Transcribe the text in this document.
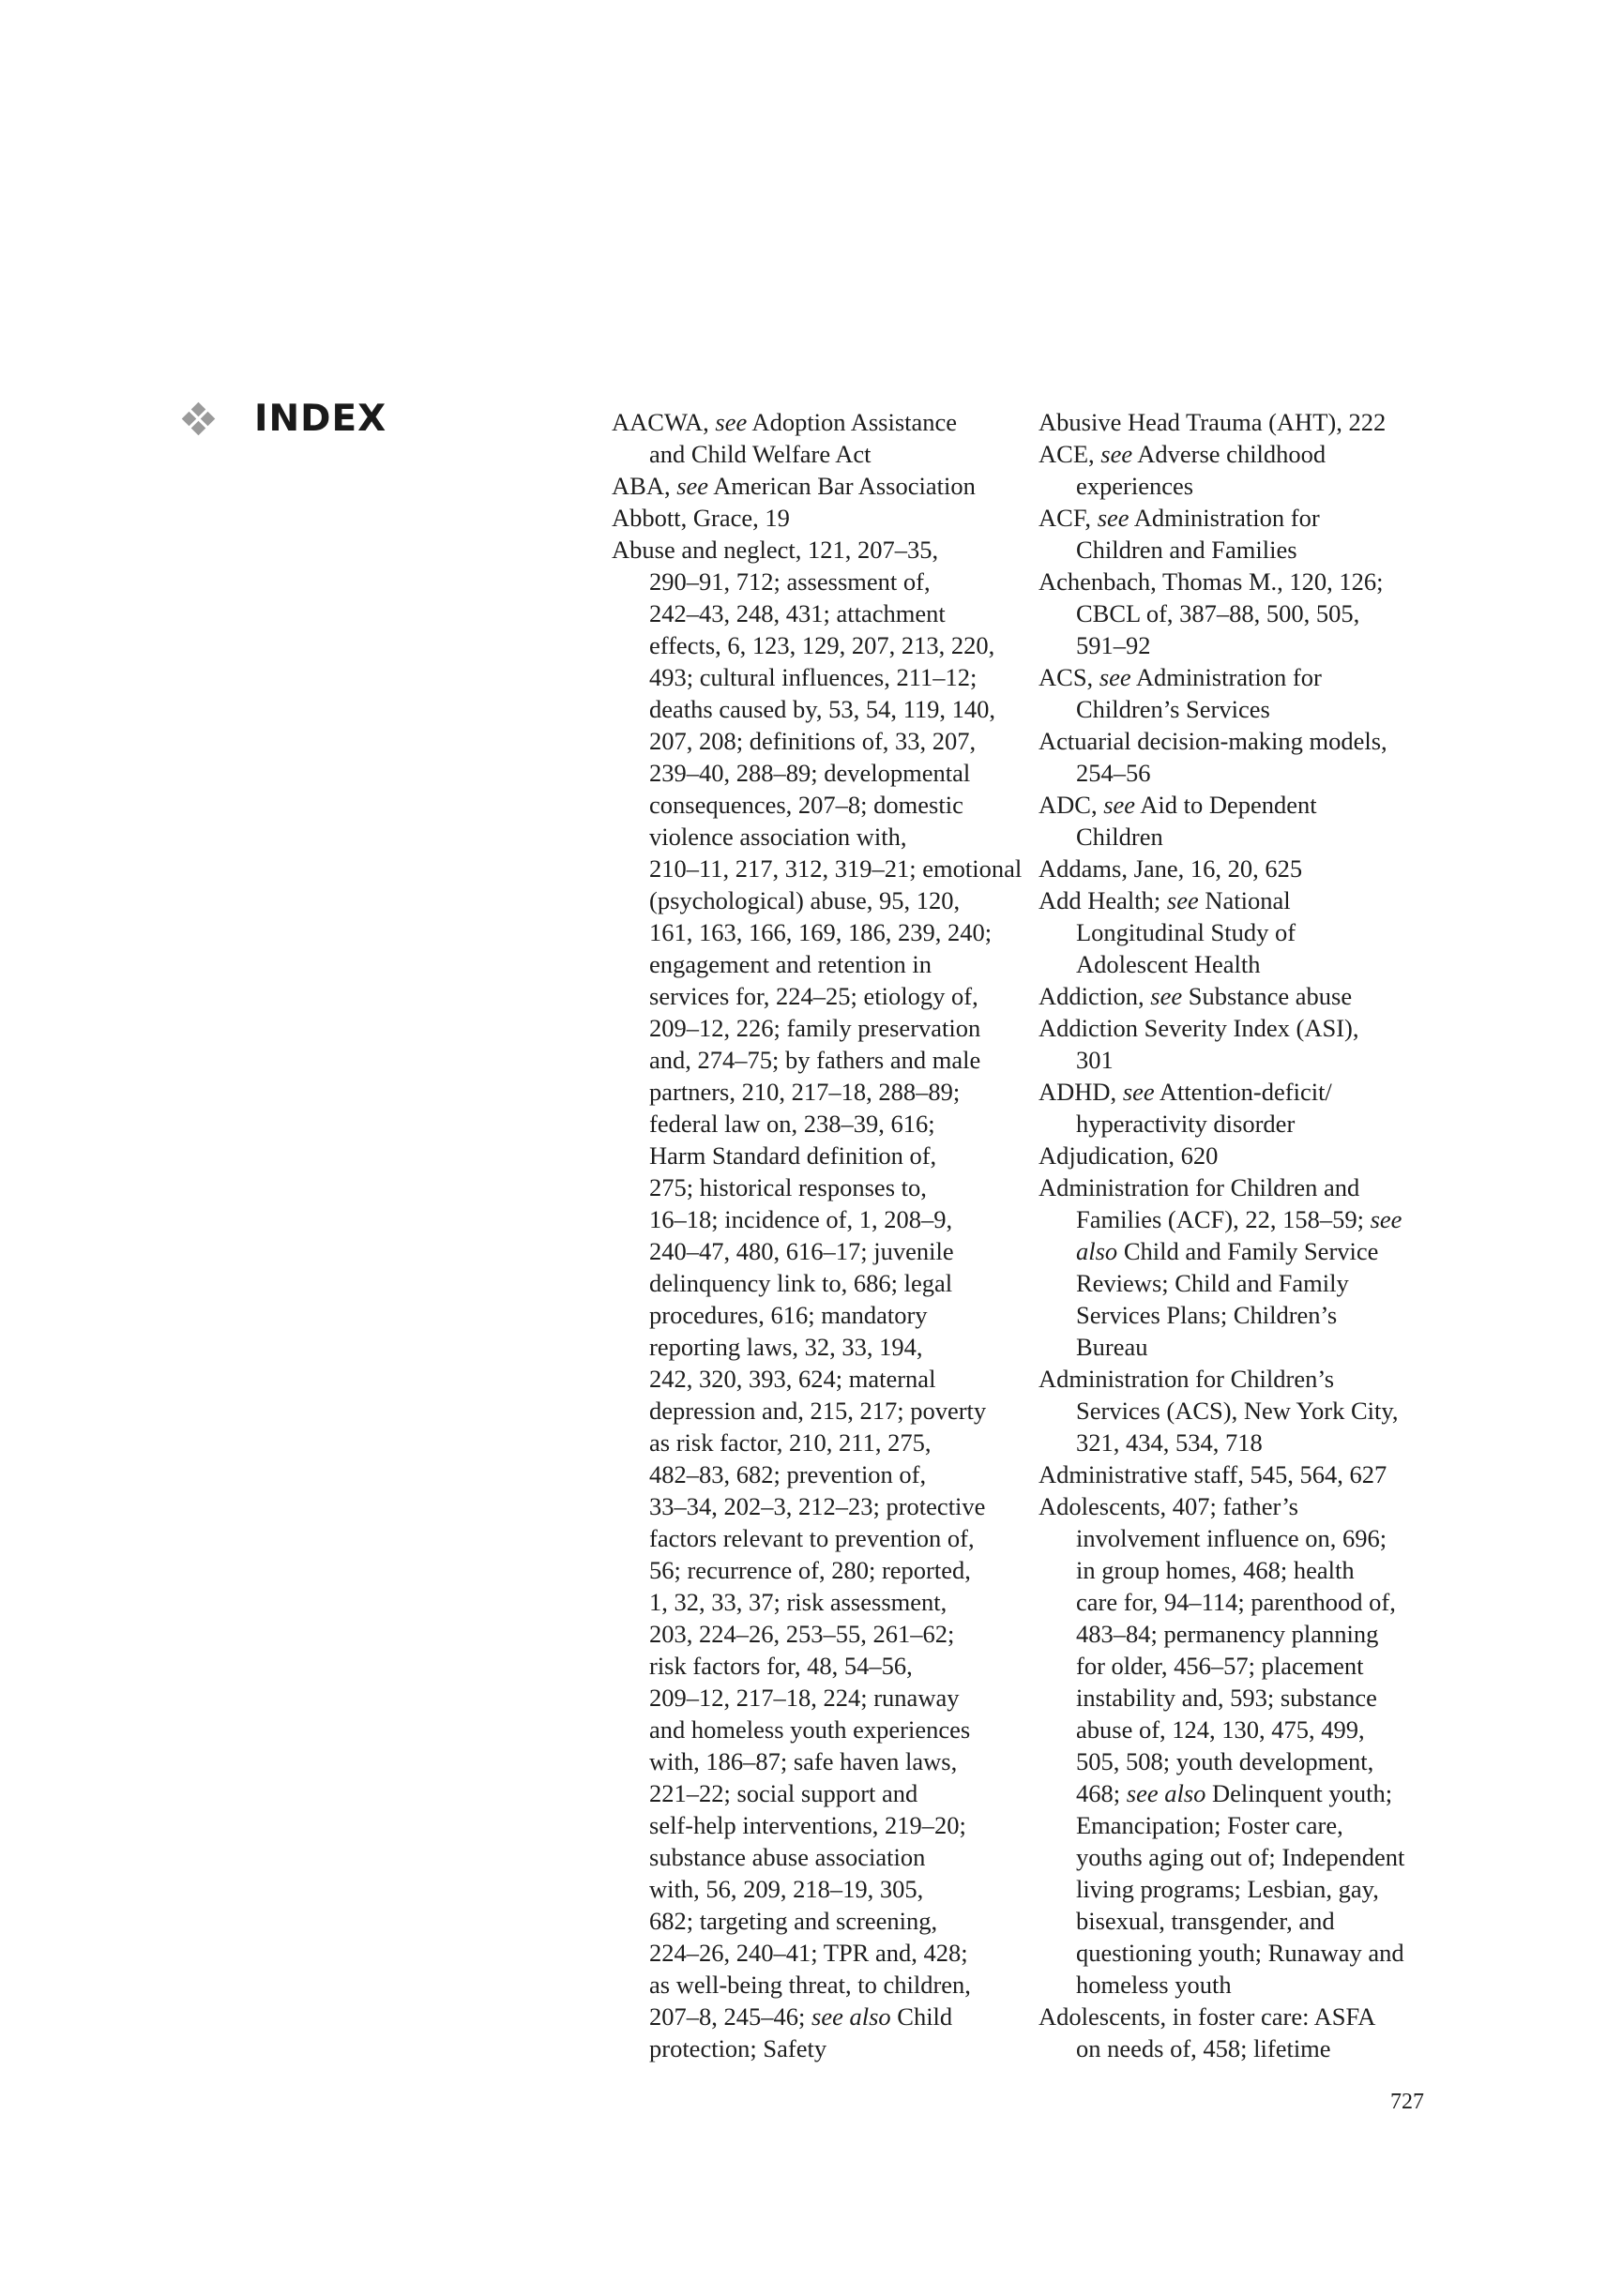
INDEX	AACWA, see Adoption Assistance
and Child Welfare Act
ABA, see American Bar Association
Abbott, Grace, 19
Abuse and neglect, 121, 207–35,
290–91, 712; assessment of,
242–43, 248, 431; attachment
effects, 6, 123, 129, 207, 213, 220,
493; cultural influences, 211–12;
deaths caused by, 53, 54, 119, 140,
207, 208; definitions of, 33, 207,
239–40, 288–89; developmental
consequences, 207–8; domestic
violence association with,
210–11, 217, 312, 319–21; emotional
(psychological) abuse, 95, 120,
161, 163, 166, 169, 186, 239, 240;
engagement and retention in
services for, 224–25; etiology of,
209–12, 226; family preservation
and, 274–75; by fathers and male
partners, 210, 217–18, 288–89;
federal law on, 238–39, 616;
Harm Standard definition of,
275; historical responses to,
16–18; incidence of, 1, 208–9,
240–47, 480, 616–17; juvenile
delinquency link to, 686; legal
procedures, 616; mandatory
reporting laws, 32, 33, 194,
242, 320, 393, 624; maternal
depression and, 215, 217; poverty
as risk factor, 210, 211, 275,
482–83, 682; prevention of,
33–34, 202–3, 212–23; protective
factors relevant to prevention of,
56; recurrence of, 280; reported,
1, 32, 33, 37; risk assessment,
203, 224–26, 253–55, 261–62;
risk factors for, 48, 54–56,
209–12, 217–18, 224; runaway
and homeless youth experiences
with, 186–87; safe haven laws,
221–22; social support and
self-help interventions, 219–20;
substance abuse association
with, 56, 209, 218–19, 305,
682; targeting and screening,
224–26, 240–41; TPR and, 428;
as well-being threat, to children,
207–8, 245–46; see also Child
protection; Safety
Abusive Head Trauma (AHT), 222
ACE, see Adverse childhood
experiences
ACF, see Administration for
Children and Families
Achenbach, Thomas M., 120, 126;
CBCL of, 387–88, 500, 505,
591–92
ACS, see Administration for
Children’s Services
Actuarial decision-making models,
254–56
ADC, see Aid to Dependent
Children
Addams, Jane, 16, 20, 625
Add Health; see National
Longitudinal Study of
Adolescent Health
Addiction, see Substance abuse
Addiction Severity Index (ASI),
301
ADHD, see Attention-deficit/
hyperactivity disorder
Adjudication, 620
Administration for Children and
Families (ACF), 22, 158–59; see
also Child and Family Service
Reviews; Child and Family
Services Plans; Children’s
Bureau
Administration for Children’s
Services (ACS), New York City,
321, 434, 534, 718
Administrative staff, 545, 564, 627
Adolescents, 407; father’s
involvement influence on, 696;
in group homes, 468; health
care for, 94–114; parenthood of,
483–84; permanency planning
for older, 456–57; placement
instability and, 593; substance
abuse of, 124, 130, 475, 499,
505, 508; youth development,
468; see also Delinquent youth;
Emancipation; Foster care,
youths aging out of; Independent
living programs; Lesbian, gay,
bisexual, transgender, and
questioning youth; Runaway and
homeless youth
Adolescents, in foster care: ASFA
on needs of, 458; lifetime
727
